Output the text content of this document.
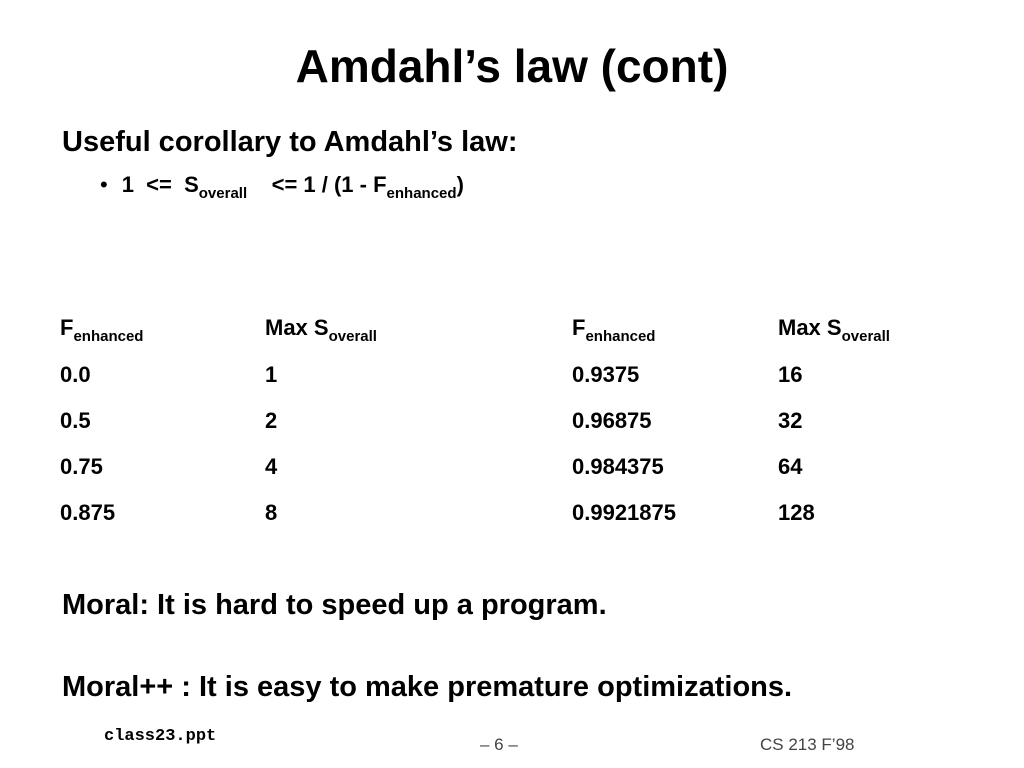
Amdahl’s law (cont)
Useful corollary to Amdahl’s law:
• $1 <= S_{overall}$    <= $1 / (1 - F_{enhanced})$
$F_{enhanced}$	Max $S_{overall}$	$F_{enhanced}$	Max $S_{overall}$
0.0	1	0.9375	16
0.5	2	0.96875	32
0.75	4	0.984375	64
0.875	8	0.9921875	128
Moral: It is hard to speed up a program.
Moral++ : It is easy to make premature optimizations.
class23.ppt	– 6 –	CS 213 F’98
